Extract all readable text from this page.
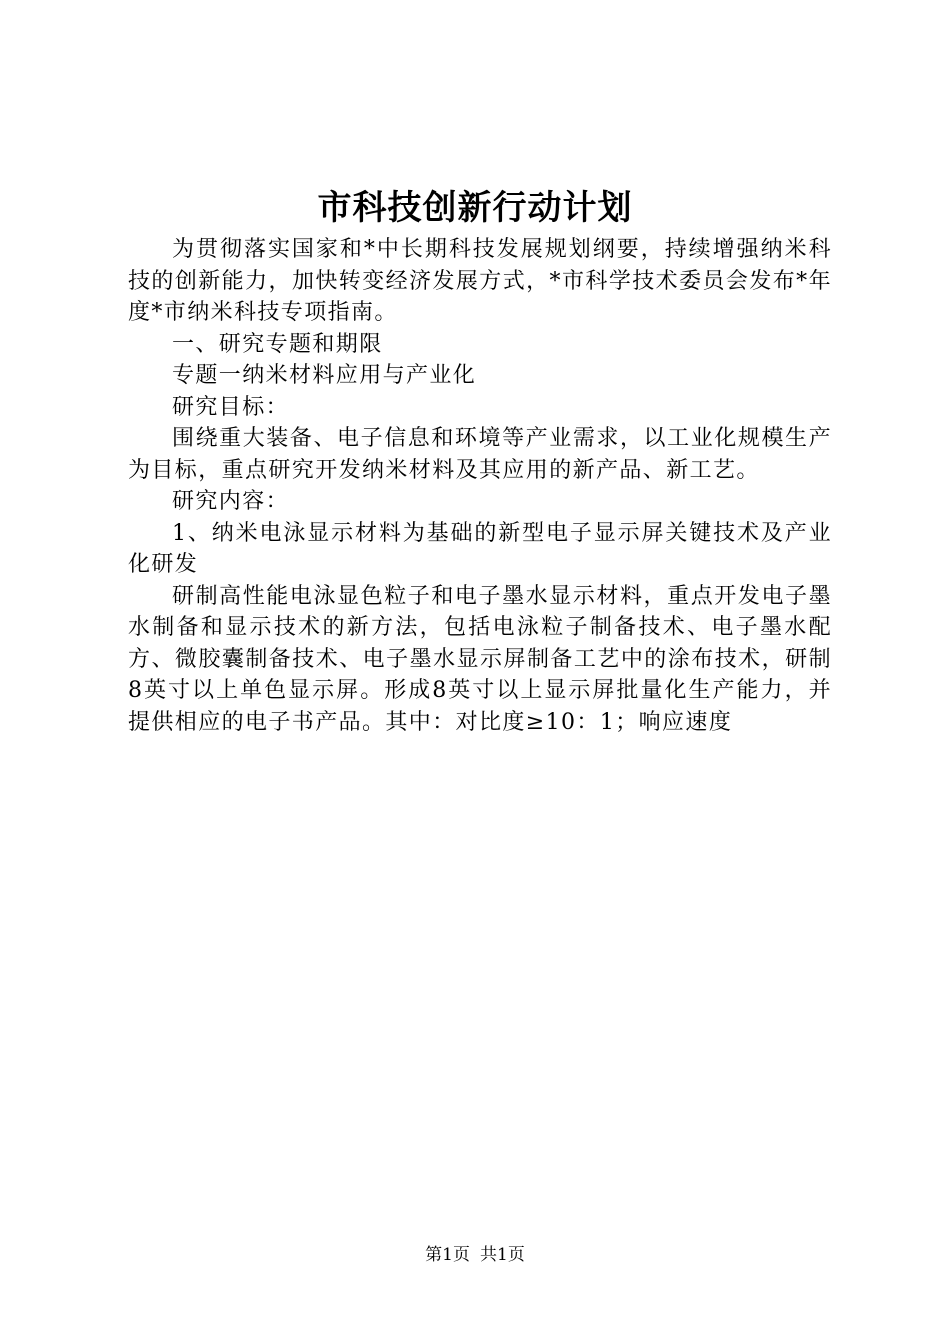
市科技创新行动计划

为贯彻落实国家和*中长期科技发展规划纲要，持续增强纳米科技的创新能力，加快转变经济发展方式，*市科学技术委员会发布*年度*市纳米科技专项指南。

一、研究专题和期限

专题一纳米材料应用与产业化

研究目标：

围绕重大装备、电子信息和环境等产业需求，以工业化规模生产为目标，重点研究开发纳米材料及其应用的新产品、新工艺。

研究内容：

1、纳米电泳显示材料为基础的新型电子显示屏关键技术及产业化研发

研制高性能电泳显色粒子和电子墨水显示材料，重点开发电子墨水制备和显示技术的新方法，包括电泳粒子制备技术、电子墨水配方、微胶囊制备技术、电子墨水显示屏制备工艺中的涂布技术，研制8英寸以上单色显示屏。形成8英寸以上显示屏批量化生产能力，并提供相应的电子书产品。其中：对比度≥10：1；响应速度

第1页 共1页
